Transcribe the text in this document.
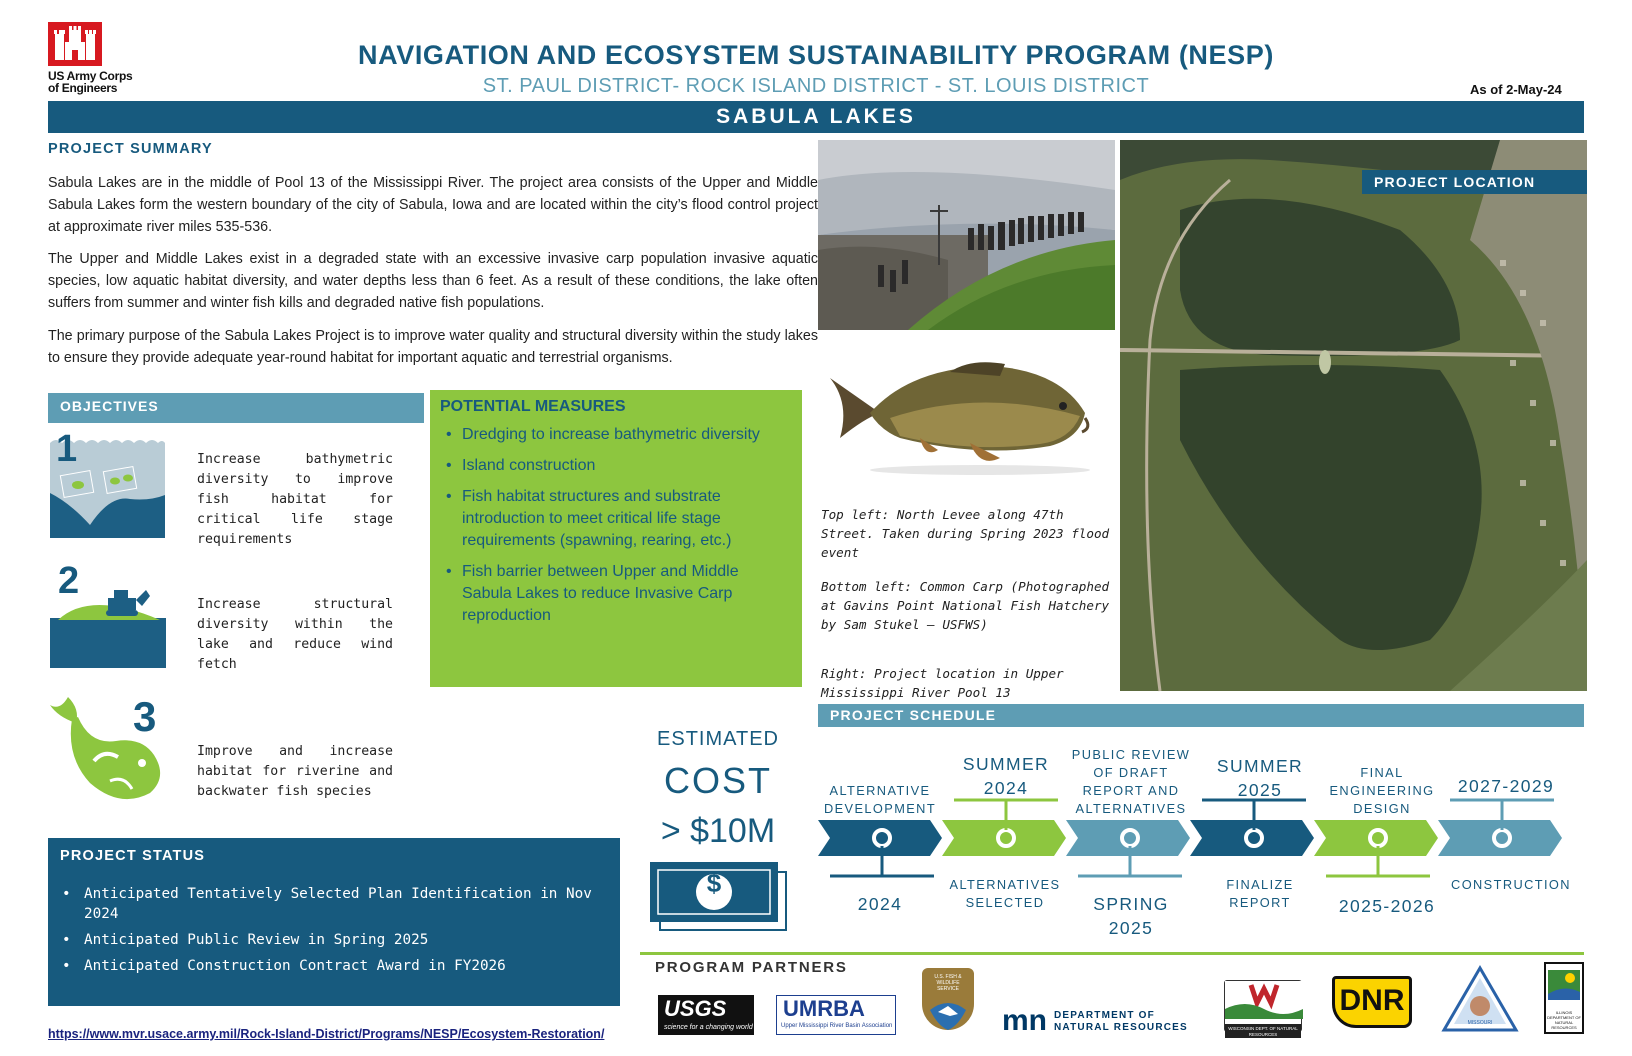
US Army Corps
of Engineers
NAVIGATION AND ECOSYSTEM SUSTAINABILITY PROGRAM (NESP)
ST. PAUL DISTRICT- ROCK ISLAND DISTRICT - ST. LOUIS DISTRICT	As of 2-May-24
SABULA LAKES
PROJECT SUMMARY

Sabula Lakes are in the middle of Pool 13 of the Mississippi River. The project area consists of the Upper and Middle Sabula Lakes form the western boundary of the city of Sabula, Iowa and are located within the city’s flood control project at approximate river miles 535-536.

The Upper and Middle Lakes exist in a degraded state with an excessive invasive carp population invasive aquatic species, low aquatic habitat diversity, and water depths less than 6 feet. As a result of these conditions, the lake often suffers from summer and winter fish kills and degraded native fish populations.

The primary purpose of the Sabula Lakes Project is to improve water quality and structural diversity within the study lakes to ensure they provide adequate year-round habitat for important aquatic and terrestrial organisms.

OBJECTIVES
1	Increase bathymetric diversity to improve fish habitat for critical life stage requirements
2
Increase structural diversity within the lake and reduce wind fetch
3
Improve and increase habitat for riverine and backwater fish species
POTENTIAL MEASURES
• Dredging to increase bathymetric diversity
• Island construction
• Fish habitat structures and substrate introduction to meet critical life stage requirements (spawning, rearing, etc.)
• Fish barrier between Upper and Middle Sabula Lakes to reduce Invasive Carp reproduction
PROJECT LOCATION
Top left: North Levee along 47th Street. Taken during Spring 2023 flood event
Bottom left: Common Carp (Photographed at Gavins Point National Fish Hatchery by Sam Stukel – USFWS)
Right: Project location in Upper Mississippi River Pool 13
PROJECT STATUS
• Anticipated Tentatively Selected Plan Identification in Nov 2024
• Anticipated Public Review in Spring 2025
• Anticipated Construction Contract Award in FY2026
https://www.mvr.usace.army.mil/Rock-Island-District/Programs/NESP/Ecosystem-Restoration/
ESTIMATED
COST
> $10M
$
PROJECT SCHEDULE
ALTERNATIVE DEVELOPMENT
SUMMER 2024
PUBLIC REVIEW OF DRAFT REPORT AND ALTERNATIVES
SUMMER 2025
FINAL ENGINEERING DESIGN
2027-2029
2024
ALTERNATIVES SELECTED	SPRING 2025
FINALIZE REPORT	2025-2026
CONSTRUCTION
PROGRAM PARTNERS
USGS
science for a changing world
UMRBA
Upper Mississippi River Basin Association
U.S. FISH & WILDLIFE SERVICE
mn DEPARTMENT OF
NATURAL RESOURCES	WISCONSIN DEPT. OF NATURAL RESOURCES
DNR
MISSOURI
ILLINOIS DEPARTMENT OF NATURAL RESOURCES
